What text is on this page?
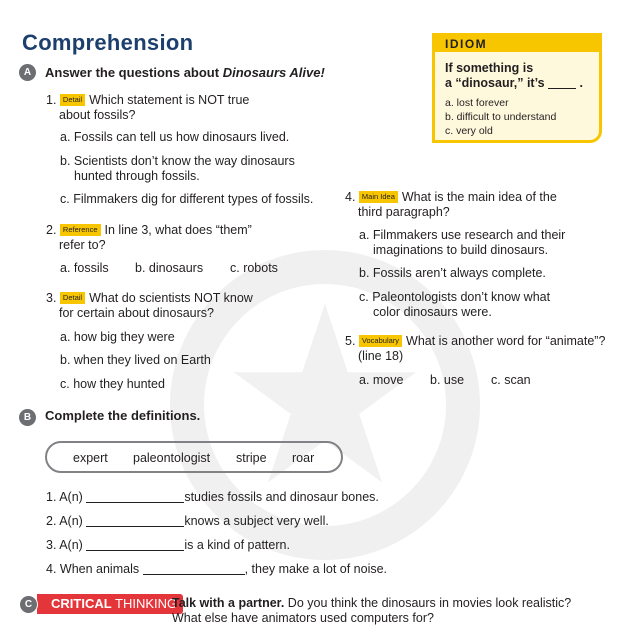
Comprehension
A	Answer the questions about Dinosaurs Alive!
1. Detail Which statement is NOT true
about fossils?
a. Fossils can tell us how dinosaurs lived.
b. Scientists don’t know the way dinosaurs
hunted through fossils.
c. Filmmakers dig for different types of fossils.
2. Reference In line 3, what does “them”
refer to?
a. fossils b. dinosaurs c. robots
3. Detail What do scientists NOT know
for certain about dinosaurs?
a. how big they were
b. when they lived on Earth
c. how they hunted
4. Main Idea What is the main idea of the
third paragraph?
a. Filmmakers use research and their
imaginations to build dinosaurs.
b. Fossils aren’t always complete.
c. Paleontologists don’t know what
color dinosaurs were.
5. Vocabulary What is another word for “animate”?
(line 18)
a. move b. use c. scan
IDIOM
If something is
a “dinosaur,” it’s	.
a. lost forever
b. difficult to understand
c. very old
B	Complete the definitions.
expert paleontologist stripe roar
1. A(n)	studies fossils and dinosaur bones.
2. A(n)	knows a subject very well.
3. A(n)	is a kind of pattern.
4. When animals	, they make a lot of noise.
CRITICAL THINKING
C	Talk with a partner. Do you think the dinosaurs in movies look realistic?
What else have animators used computers for?
